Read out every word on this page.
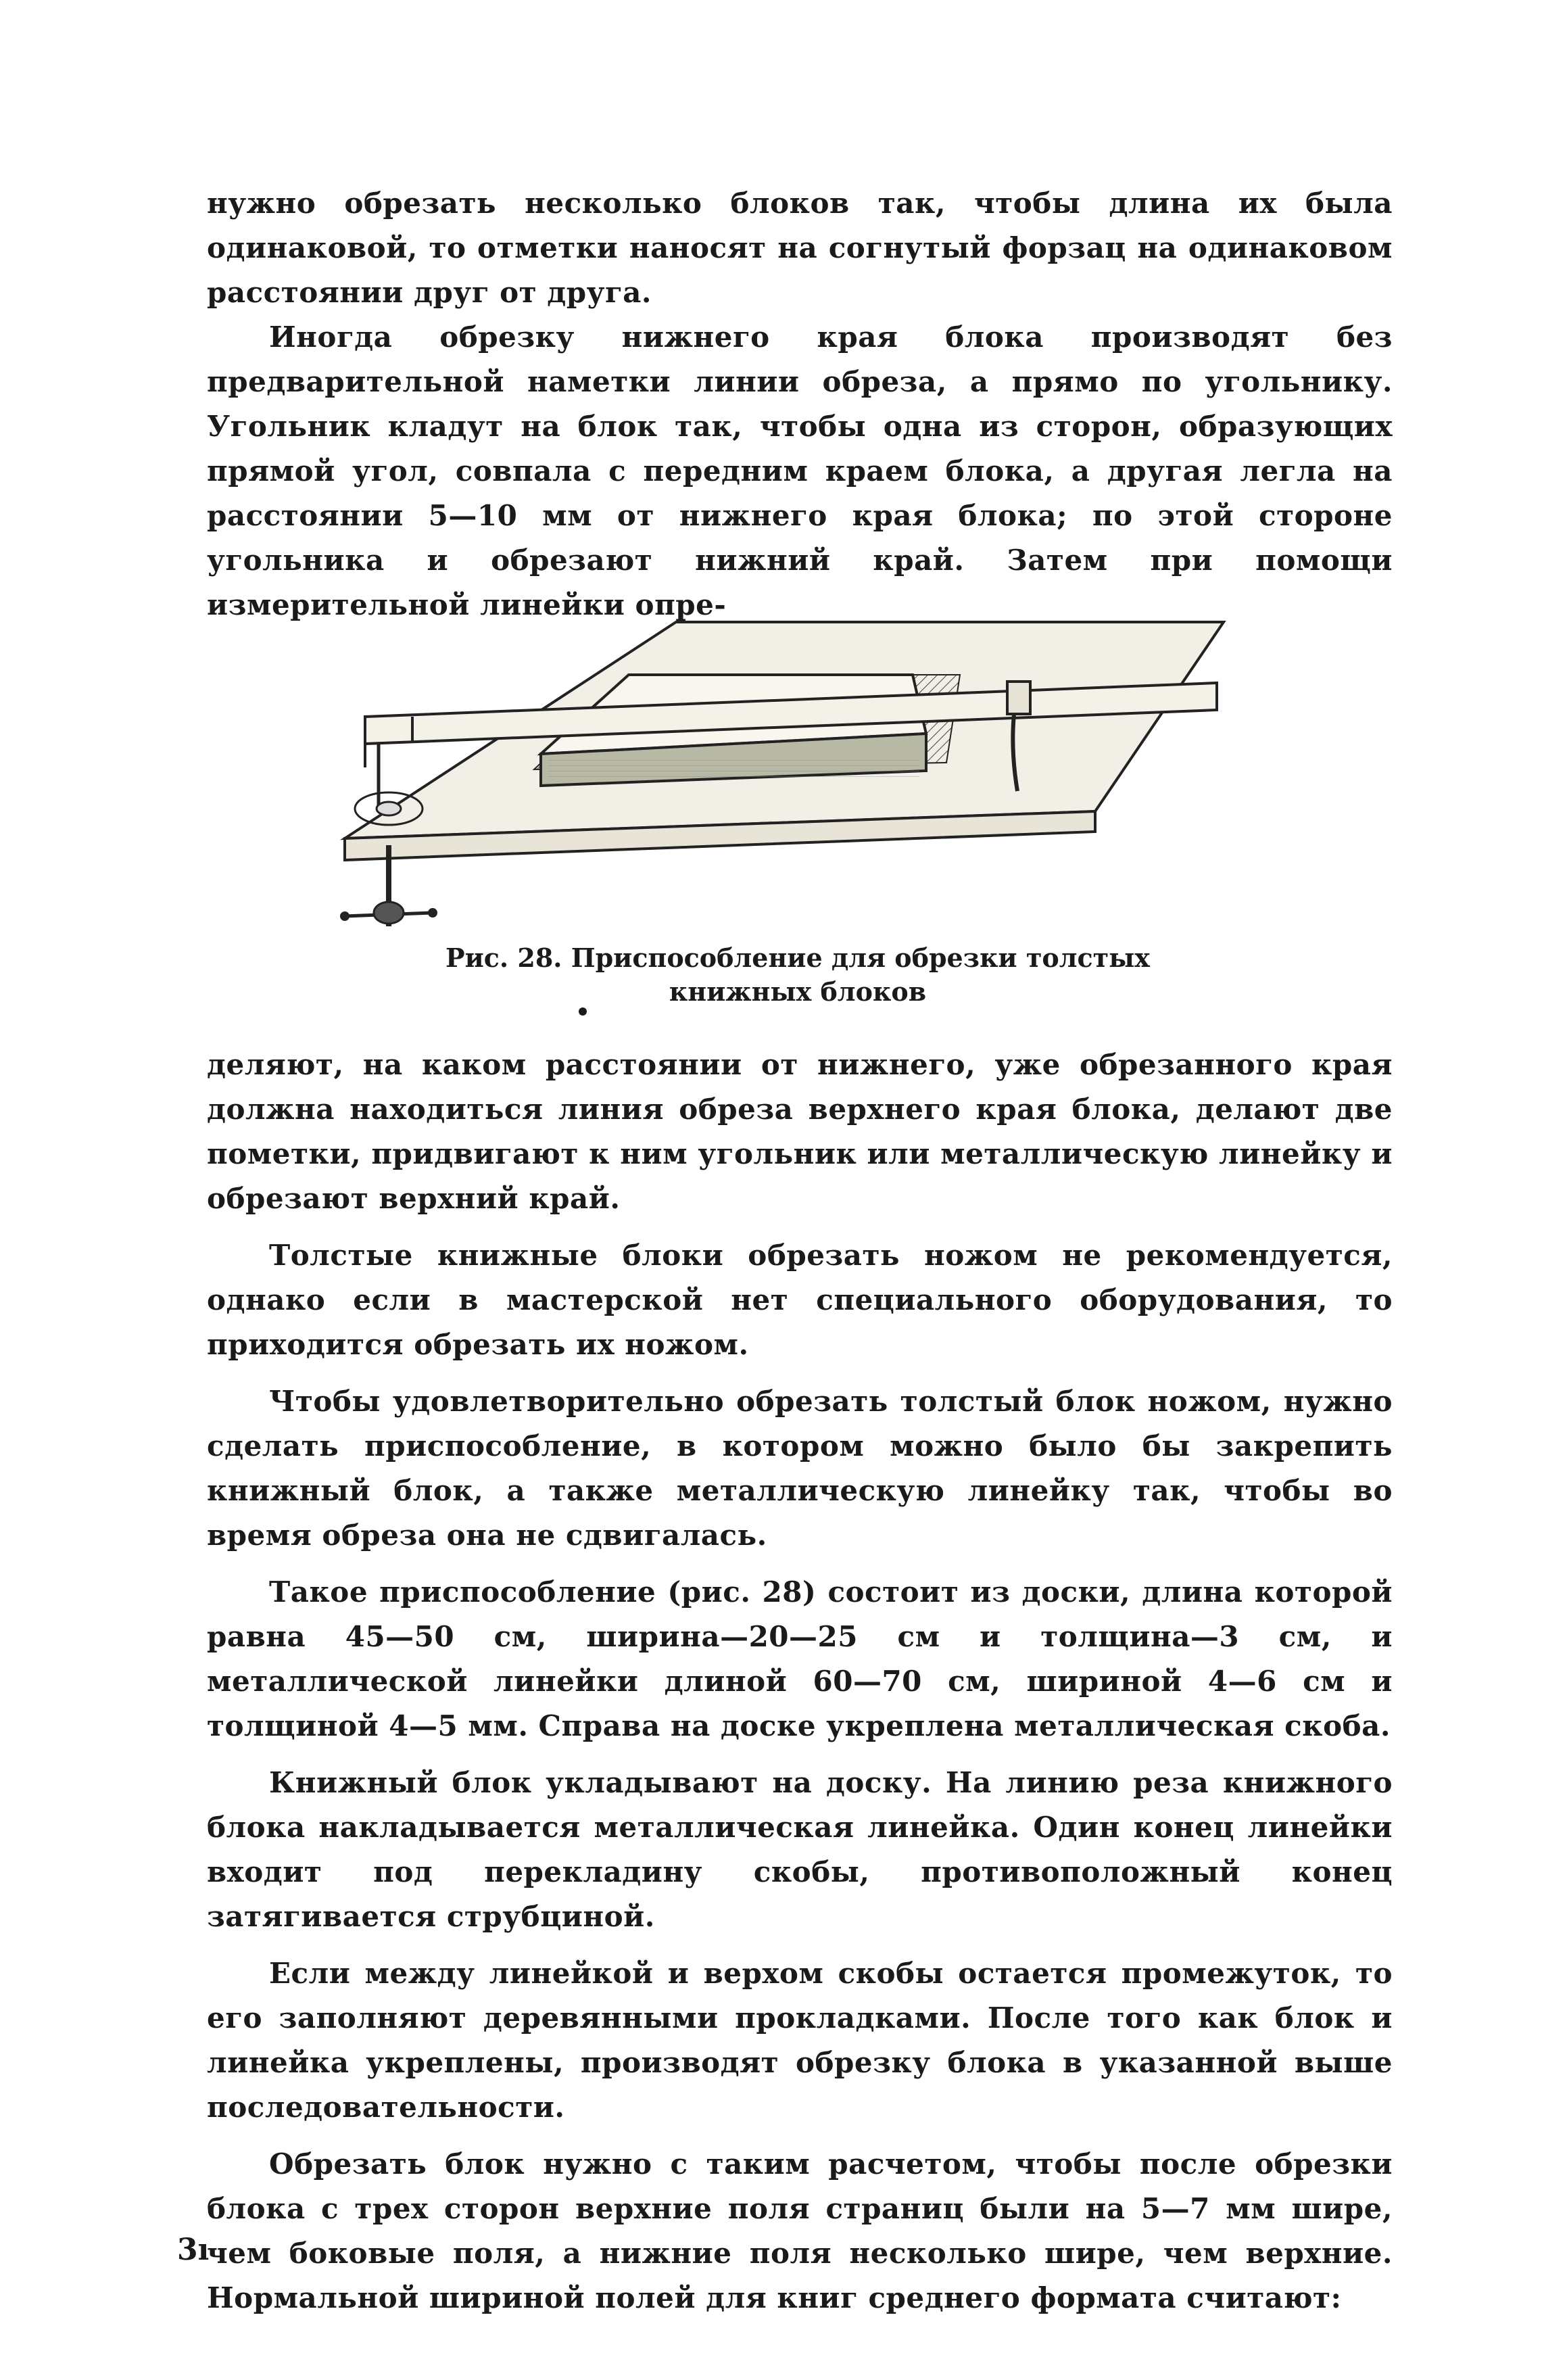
нужно обрезать несколько блоков так, чтобы длина их была одинаковой, то отметки наносят на согнутый форзац на одинаковом расстоянии друг от друга.

Иногда обрезку нижнего края блока производят без предварительной наметки линии обреза, а прямо по угольнику. Угольник кладут на блок так, чтобы одна из сторон, образующих прямой угол, совпала с передним краем блока, а другая легла на расстоянии 5—10 мм от нижнего края блока; по этой стороне угольника и обрезают нижний край. Затем при помощи измерительной линейки опре-

Рис. 28. Приспособление для обрезки толстых
книжных блоков

деляют, на каком расстоянии от нижнего, уже обрезанного края должна находиться линия обреза верхнего края блока, делают две пометки, придвигают к ним угольник или металлическую линейку и обрезают верхний край.

Толстые книжные блоки обрезать ножом не рекомендуется, однако если в мастерской нет специального оборудования, то приходится обрезать их ножом.

Чтобы удовлетворительно обрезать толстый блок ножом, нужно сделать приспособление, в котором можно было бы закрепить книжный блок, а также металлическую линейку так, чтобы во время обреза она не сдвигалась.

Такое приспособление (рис. 28) состоит из доски, длина которой равна 45—50 см, ширина—20—25 см и толщина—3 см, и металлической линейки длиной 60—70 см, шириной 4—6 см и толщиной 4—5 мм. Справа на доске укреплена металлическая скоба.

Книжный блок укладывают на доску. На линию реза книжного блока накладывается металлическая линейка. Один конец линейки входит под перекладину скобы, противоположный конец затягивается струбциной.

Если между линейкой и верхом скобы остается промежуток, то его заполняют деревянными прокладками. После того как блок и линейка укреплены, производят обрезку блока в указанной выше последовательности.

Обрезать блок нужно с таким расчетом, чтобы после обрезки блока с трех сторон верхние поля страниц были на 5—7 мм шире, чем боковые поля, а нижние поля несколько шире, чем верхние. Нормальной шириной полей для книг среднего формата считают:

3ı
